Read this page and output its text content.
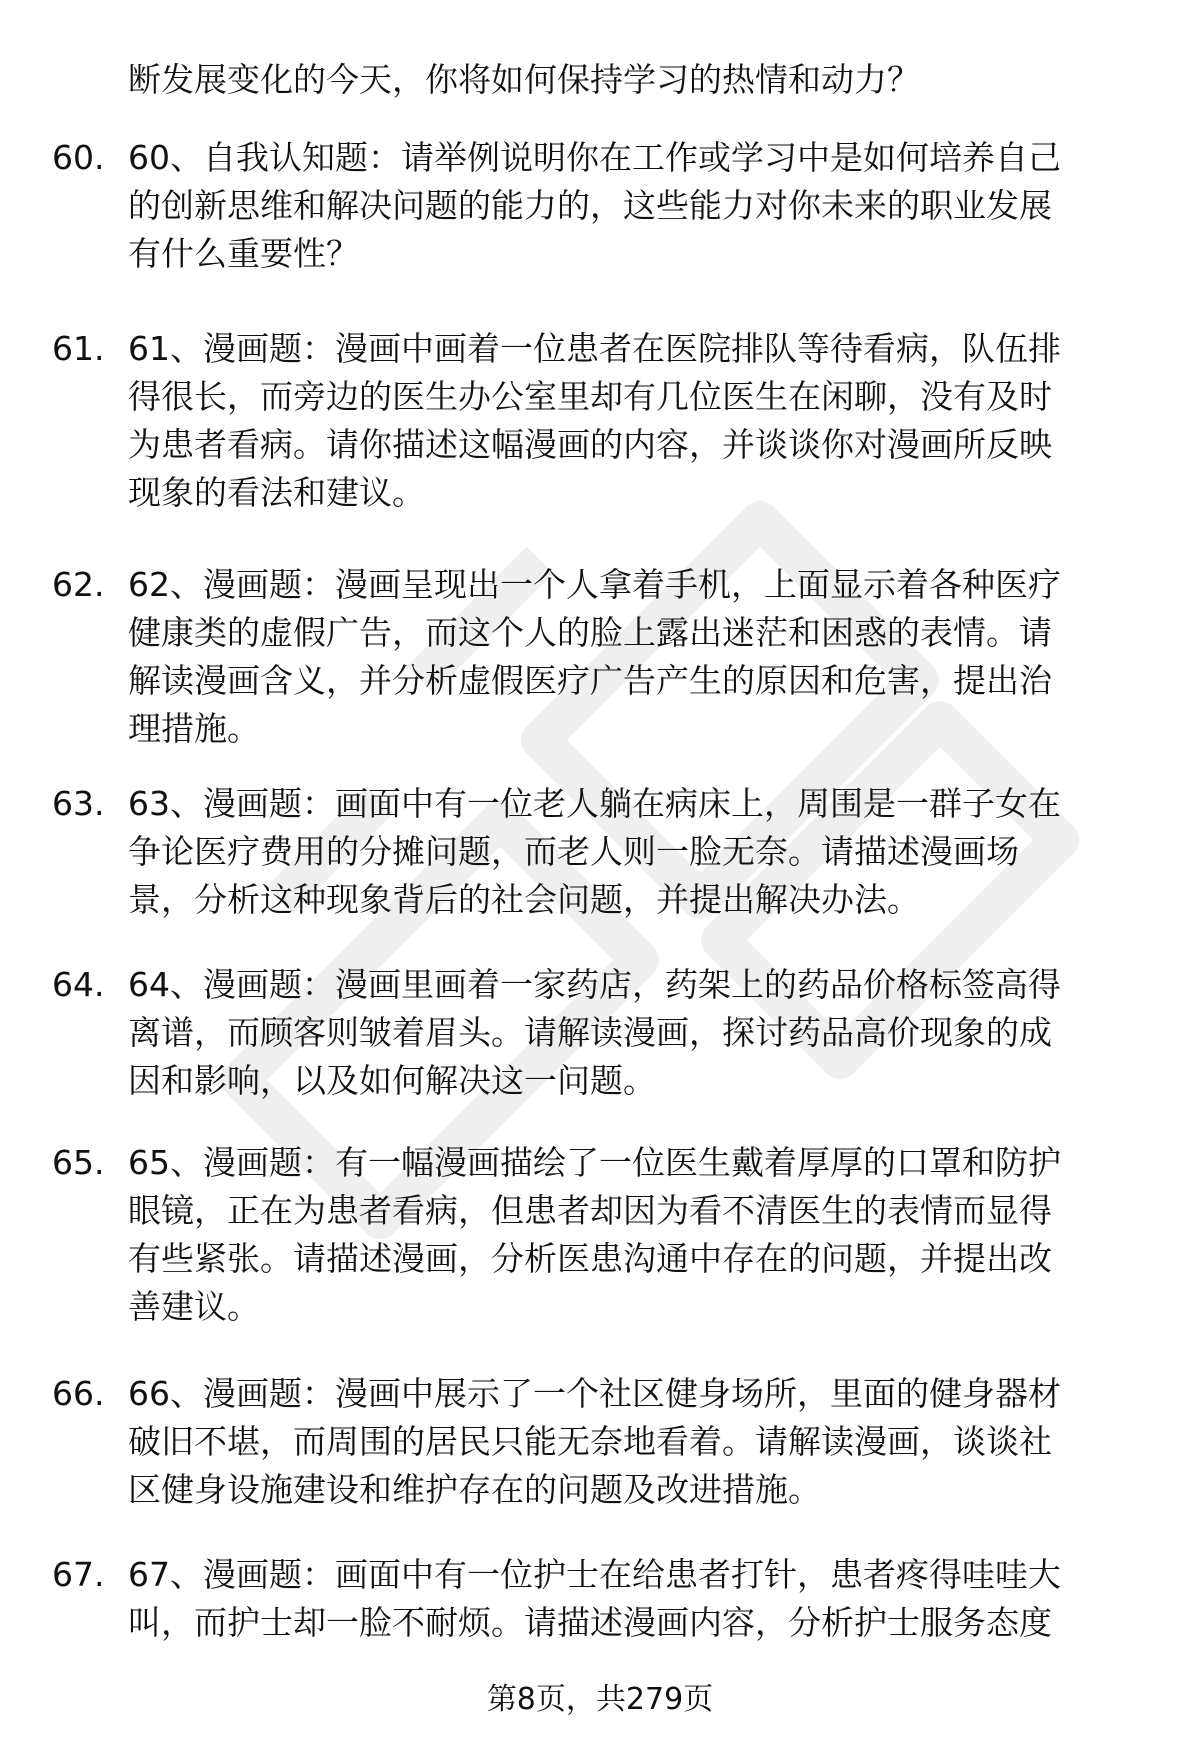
断发展变化的今天，你将如何保持学习的热情和动力？
60. 60、自我认知题：请举例说明你在工作或学习中是如何培养自己
的创新思维和解决问题的能力的，这些能力对你未来的职业发展
有什么重要性？
61. 61、漫画题：漫画中画着一位患者在医院排队等待看病，队伍排
得很长，而旁边的医生办公室里却有几位医生在闲聊，没有及时
为患者看病。请你描述这幅漫画的内容，并谈谈你对漫画所反映
现象的看法和建议。
62. 62、漫画题：漫画呈现出一个人拿着手机，上面显示着各种医疗
健康类的虚假广告，而这个人的脸上露出迷茫和困惑的表情。请
解读漫画含义，并分析虚假医疗广告产生的原因和危害，提出治
理措施。
63. 63、漫画题：画面中有一位老人躺在病床上，周围是一群子女在
争论医疗费用的分摊问题，而老人则一脸无奈。请描述漫画场
景，分析这种现象背后的社会问题，并提出解决办法。
64. 64、漫画题：漫画里画着一家药店，药架上的药品价格标签高得
离谱，而顾客则皱着眉头。请解读漫画，探讨药品高价现象的成
因和影响，以及如何解决这一问题。
65. 65、漫画题：有一幅漫画描绘了一位医生戴着厚厚的口罩和防护
眼镜，正在为患者看病，但患者却因为看不清医生的表情而显得
有些紧张。请描述漫画，分析医患沟通中存在的问题，并提出改
善建议。
66. 66、漫画题：漫画中展示了一个社区健身场所，里面的健身器材
破旧不堪，而周围的居民只能无奈地看着。请解读漫画，谈谈社
区健身设施建设和维护存在的问题及改进措施。
67. 67、漫画题：画面中有一位护士在给患者打针，患者疼得哇哇大
叫，而护士却一脸不耐烦。请描述漫画内容，分析护士服务态度
第8页，共279页
